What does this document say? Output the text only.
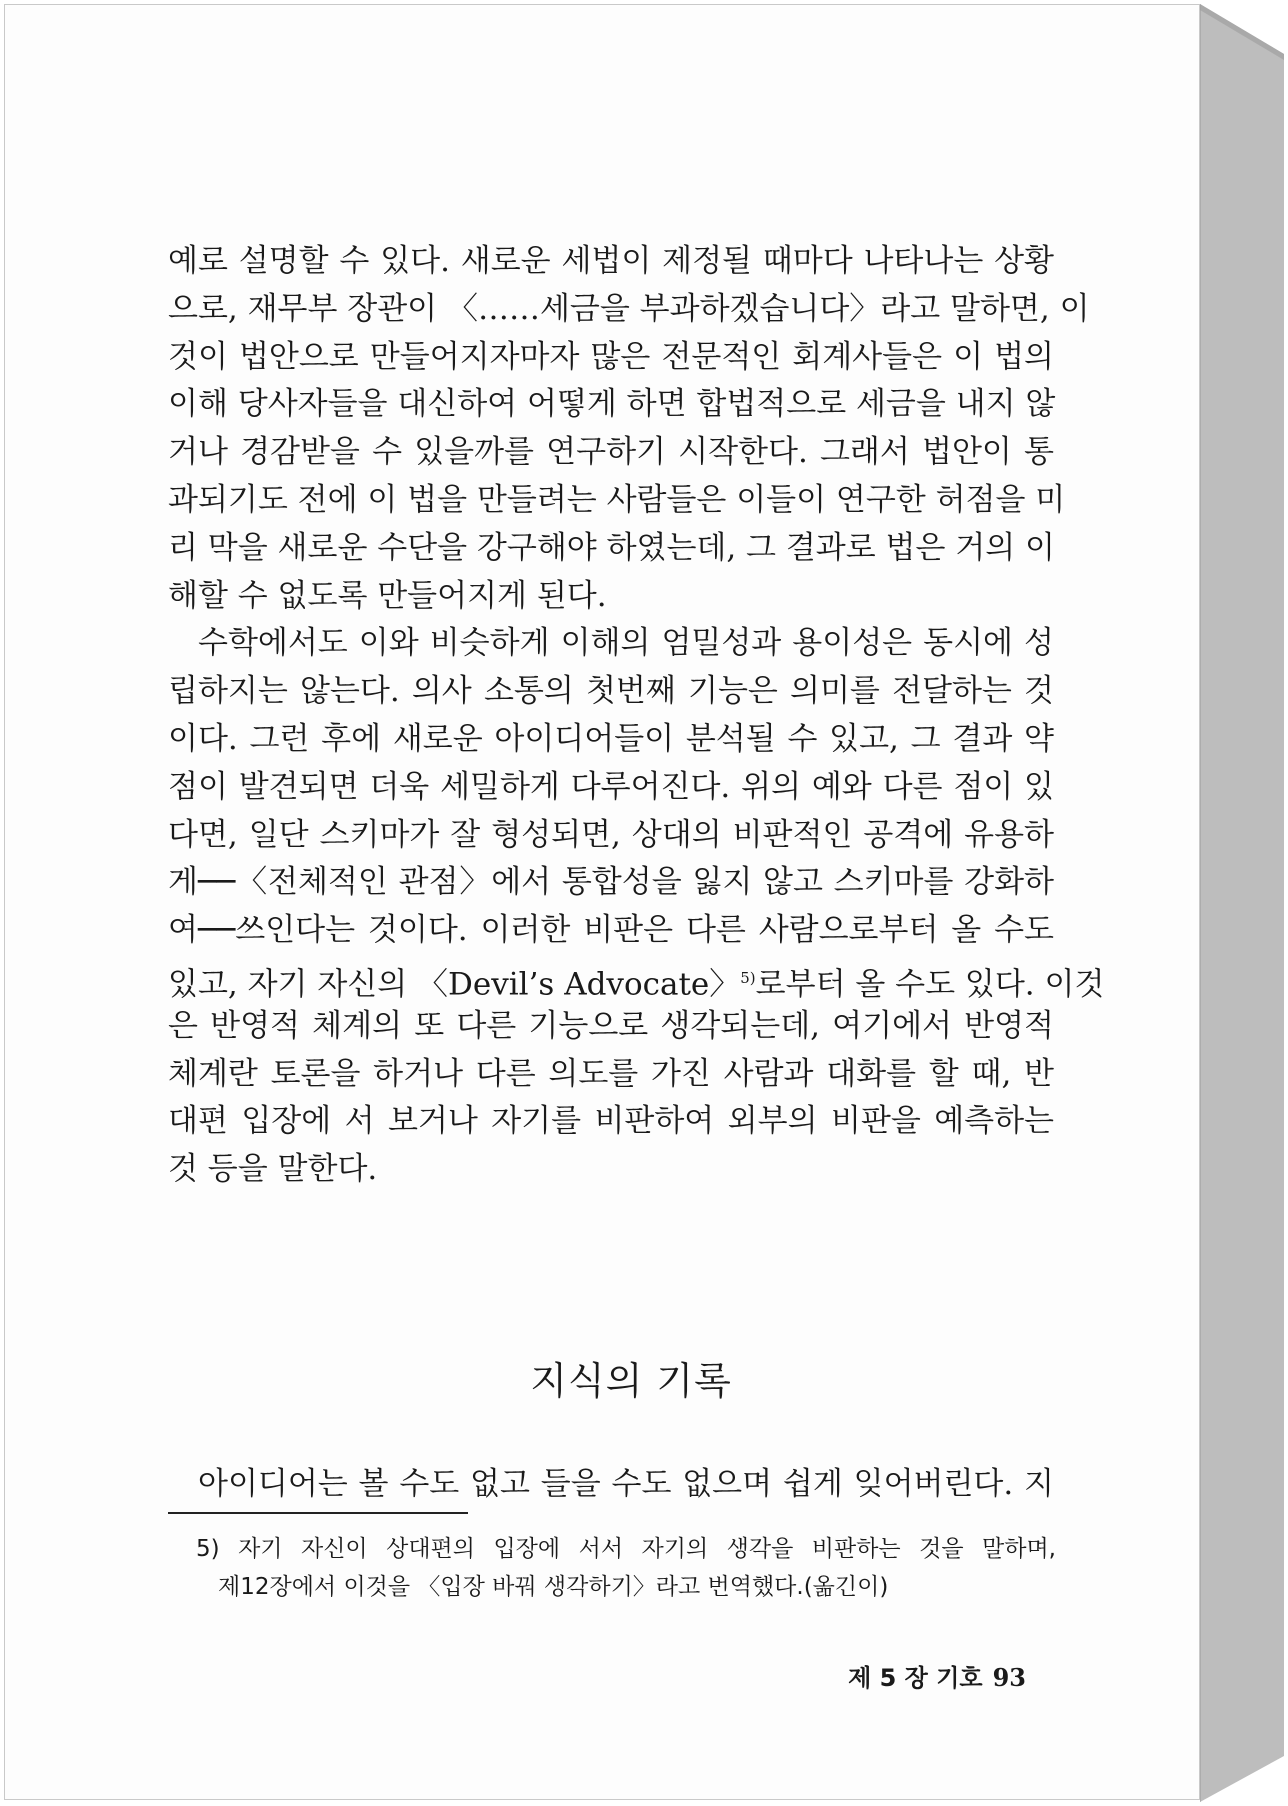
예로 설명할 수 있다. 새로운 세법이 제정될 때마다 나타나는 상황
으로, 재무부 장관이 〈……세금을 부과하겠습니다〉라고 말하면, 이
것이 법안으로 만들어지자마자 많은 전문적인 회계사들은 이 법의
이해 당사자들을 대신하여 어떻게 하면 합법적으로 세금을 내지 않
거나 경감받을 수 있을까를 연구하기 시작한다. 그래서 법안이 통
과되기도 전에 이 법을 만들려는 사람들은 이들이 연구한 허점을 미
리 막을 새로운 수단을 강구해야 하였는데, 그 결과로 법은 거의 이
해할 수 없도록 만들어지게 된다.
수학에서도 이와 비슷하게 이해의 엄밀성과 용이성은 동시에 성
립하지는 않는다. 의사 소통의 첫번째 기능은 의미를 전달하는 것
이다. 그런 후에 새로운 아이디어들이 분석될 수 있고, 그 결과 약
점이 발견되면 더욱 세밀하게 다루어진다. 위의 예와 다른 점이 있
다면, 일단 스키마가 잘 형성되면, 상대의 비판적인 공격에 유용하
게──〈전체적인 관점〉에서 통합성을 잃지 않고 스키마를 강화하
여──쓰인다는 것이다. 이러한 비판은 다른 사람으로부터 올 수도
있고, 자기 자신의 〈Devil’s Advocate〉$^{5)}$로부터 올 수도 있다. 이것
은 반영적 체계의 또 다른 기능으로 생각되는데, 여기에서 반영적
체계란 토론을 하거나 다른 의도를 가진 사람과 대화를 할 때, 반
대편 입장에 서 보거나 자기를 비판하여 외부의 비판을 예측하는
것 등을 말한다.
지식의 기록
아이디어는 볼 수도 없고 들을 수도 없으며 쉽게 잊어버린다. 지
5) 자기 자신이 상대편의 입장에 서서 자기의 생각을 비판하는 것을 말하며,
제12장에서 이것을 〈입장 바꿔 생각하기〉라고 번역했다.(옮긴이)
제 5 장 기호 93
